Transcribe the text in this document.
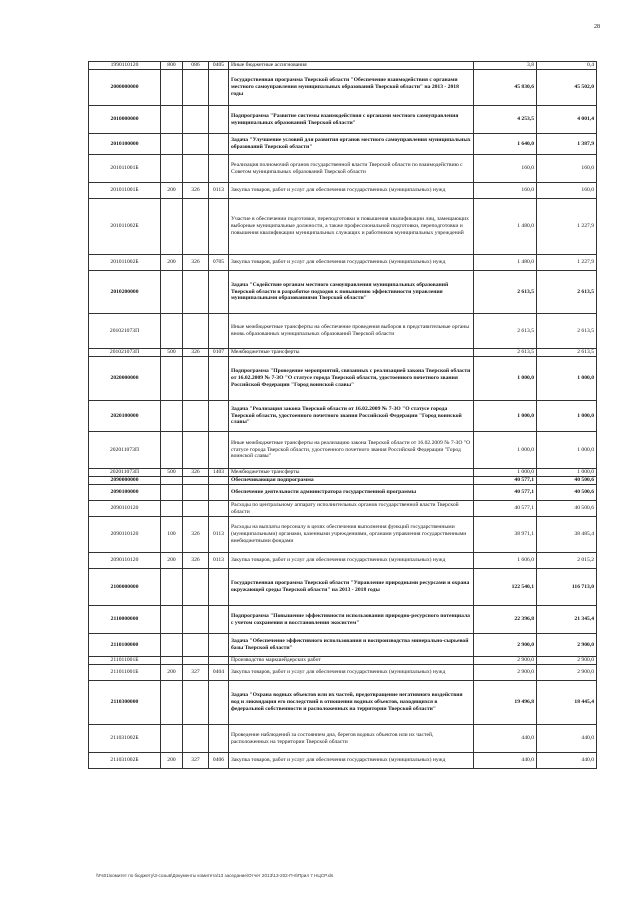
28
1990110120	800	086	0405	Иные бюджетные ассигнования	3,8	0,4
2000000000				Государственная программа Тверской области "Обеспечение взаимодействия с органами местного самоуправления муниципальных образований Тверской области" на 2013 - 2018 годы	45 830,6	45 502,0
2010000000				Подпрограмма "Развитие системы взаимодействия с органами местного самоуправления муниципальных образований Тверской области"	4 253,5	4 001,4
2010100000				Задача "Улучшение условий для развития органов местного самоуправления муниципальных образований Тверской области"	1 640,0	1 387,9
201011001Б				Реализация полномочий органов государственной власти Тверской области по взаимодействию с Советом муниципальных образований Тверской области	160,0	160,0
201011001Б	200	326	0113	Закупка товаров, работ и услуг для обеспечения государственных (муниципальных) нужд	160,0	160,0
201011002Б				Участие в обеспечении подготовки, переподготовки и повышения квалификации лиц, замещающих выборные муниципальные должности, а также профессиональной подготовки, переподготовки и повышения квалификации муниципальных служащих и работников муниципальных учреждений	1 480,0	1 227,9
201011002Б	200	326	0705	Закупка товаров, работ и услуг для обеспечения государственных (муниципальных) нужд	1 480,0	1 227,9
2010200000				Задача "Содействие органам местного самоуправления муниципальных образований Тверской области в разработке подходов к повышению эффективности управления муниципальными образованиями Тверской области"	2 613,5	2 613,5
201021073П				Иные межбюджетные трансферты на обеспечение проведения выборов в представительные органы вновь образованных муниципальных образований Тверской области	2 613,5	2 613,5
201021073П	500	326	0107	Межбюджетные трансферты	2 613,5	2 613,5
2020000000				Подпрограмма "Проведение мероприятий, связанных с реализацией закона Тверской области от 16.02.2009 № 7-ЗО "О статусе города Тверской области, удостоенного почетного звания Российской Федерации "Город воинской славы"	1 000,0	1 000,0
2020100000				Задача "Реализация закона Тверской области от 16.02.2009 № 7-ЗО "О статусе города Тверской области, удостоенного почетного звания Российской Федерации "Город воинской славы"	1 000,0	1 000,0
202011073П				Иные межбюджетные трансферты на реализацию закона Тверской области от 16.02.2009 № 7-ЗО "О статусе города Тверской области, удостоенного почетного звания Российской Федерации "Город воинской славы"	1 000,0	1 000,0
202011073П	500	326	1403	Межбюджетные трансферты	1 000,0	1 000,0
2090000000				Обеспечивающая подпрограмма	40 577,1	40 500,6
2090100000				Обеспечение деятельности администратора государственной программы	40 577,1	40 500,6
2090110120				Расходы по центральному аппарату исполнительных органов государственной власти Тверской области	40 577,1	40 500,6
2090110120	100	326	0113	Расходы на выплаты персоналу в целях обеспечения выполнения функций государственными (муниципальными) органами, казенными учреждениями, органами управления государственными внебюджетными фондами	38 971,1	38 485,4
2090110120	200	326	0113	Закупка товаров, работ и услуг для обеспечения государственных (муниципальных) нужд	1 606,0	2 015,2
2100000000				Государственная программа Тверской области "Управление природными ресурсами и охрана окружающей среды Тверской области" на 2013 - 2018 годы	122 540,1	116 713,0
2110000000				Подпрограмма "Повышение эффективности использования природно-ресурсного потенциала с учетом сохранения и восстановления экосистем"	22 396,8	21 345,4
2110100000				Задача "Обеспечение эффективного использования и воспроизводства минерально-сырьевой базы Тверской области"	2 900,0	2 900,0
211011001Б				Производство маркшейдерских работ	2 900,0	2 900,0
211011001Б	200	327	0404	Закупка товаров, работ и услуг для обеспечения государственных (муниципальных) нужд	2 900,0	2 900,0
2110300000				Задача "Охрана водных объектов или их частей, предотвращение негативного воздействия вод и ликвидация его последствий в отношении водных объектов, находящихся в федеральной собственности и расположенных на территории Тверской области"	19 496,8	18 445,4
211031002Б				Проведение наблюдений за состоянием дна, берегов водных объектов или их частей, расположенных на территории Тверской области	440,0	440,0
211031002Б	200	327	0406	Закупка товаров, работ и услуг для обеспечения государственных (муниципальных) нужд	440,0	440,0
\\Fs01\комитет по бюджету\3-созыв\Документы комитета\13 заседание\Отчет 2013\13-202-П-6\Прил 7 НЦСР.xls
